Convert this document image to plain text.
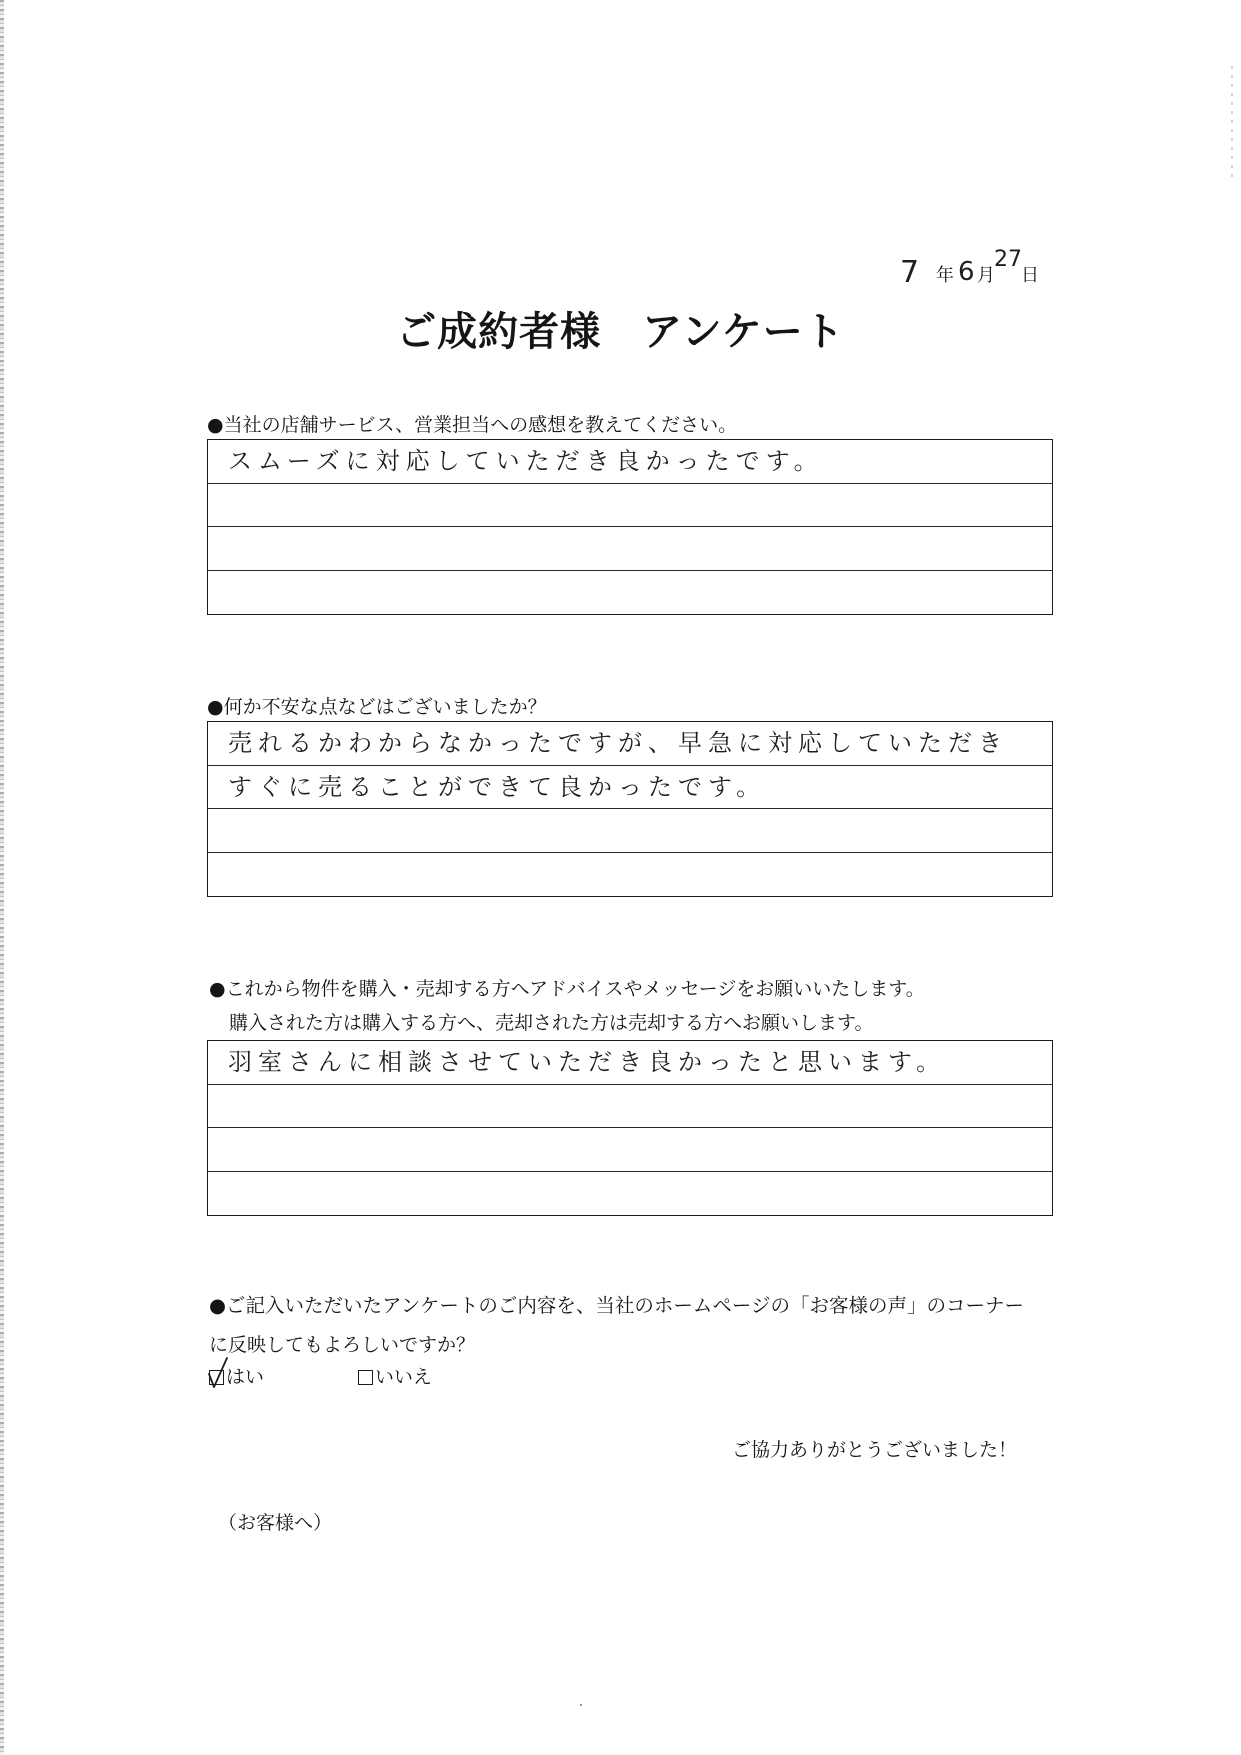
7 年 6 月
27
日
ご成約者様　アンケート
●当社の店舗サービス、営業担当への感想を教えてください。
スムーズに対応していただき良かったです。
●何か不安な点などはございましたか？
売れるかわからなかったですが、早急に対応していただき
すぐに売ることができて良かったです。
●これから物件を購入・売却する方へアドバイスやメッセージをお願いいたします。
購入された方は購入する方へ、売却された方は売却する方へお願いします。
羽室さんに相談させていただき良かったと思います。
●ご記入いただいたアンケートのご内容を、当社のホームページの「お客様の声」のコーナー
に反映してもよろしいですか？
はい	いいえ
ご協力ありがとうございました！
（お客様へ）
